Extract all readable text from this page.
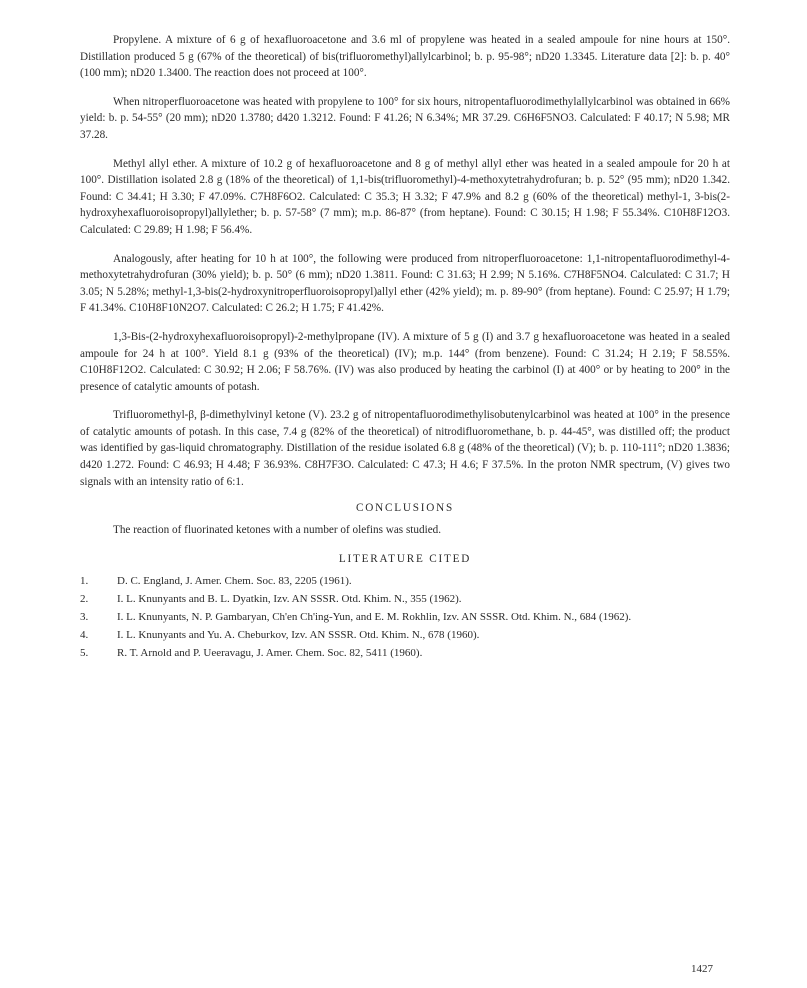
Propylene. A mixture of 6 g of hexafluoroacetone and 3.6 ml of propylene was heated in a sealed ampoule for nine hours at 150°. Distillation produced 5 g (67% of the theoretical) of bis(trifluoromethyl)allylcarbinol; b. p. 95-98°; nD20 1.3345. Literature data [2]: b. p. 40° (100 mm); nD20 1.3400. The reaction does not proceed at 100°.

When nitroperfluoroacetone was heated with propylene to 100° for six hours, nitropentafluorodimethylallylcarbinol was obtained in 66% yield: b. p. 54-55° (20 mm); nD20 1.3780; d420 1.3212. Found: F 41.26; N 6.34%; MR 37.29. C6H6F5NO3. Calculated: F 40.17; N 5.98; MR 37.28.

Methyl allyl ether. A mixture of 10.2 g of hexafluoroacetone and 8 g of methyl allyl ether was heated in a sealed ampoule for 20 h at 100°. Distillation isolated 2.8 g (18% of the theoretical) of 1,1-bis(trifluoromethyl)-4-methoxytetrahydrofuran; b. p. 52° (95 mm); nD20 1.342. Found: C 34.41; H 3.30; F 47.09%. C7H8F6O2. Calculated: C 35.3; H 3.32; F 47.9% and 8.2 g (60% of the theoretical) methyl-1, 3-bis(2-hydroxyhexafluoroisopropyl)allylether; b. p. 57-58° (7 mm); m.p. 86-87° (from heptane). Found: C 30.15; H 1.98; F 55.34%. C10H8F12O3. Calculated: C 29.89; H 1.98; F 56.4%.

Analogously, after heating for 10 h at 100°, the following were produced from nitroperfluoroacetone: 1,1-nitropentafluorodimethyl-4-methoxytetrahydrofuran (30% yield); b. p. 50° (6 mm); nD20 1.3811. Found: C 31.63; H 2.99; N 5.16%. C7H8F5NO4. Calculated: C 31.7; H 3.05; N 5.28%; methyl-1,3-bis(2-hydroxynitroperfluoroisopropyl)allyl ether (42% yield); m. p. 89-90° (from heptane). Found: C 25.97; H 1.79; F 41.34%. C10H8F10N2O7. Calculated: C 26.2; H 1.75; F 41.42%.

1,3-Bis-(2-hydroxyhexafluoroisopropyl)-2-methylpropane (IV). A mixture of 5 g (I) and 3.7 g hexafluoroacetone was heated in a sealed ampoule for 24 h at 100°. Yield 8.1 g (93% of the theoretical) (IV); m.p. 144° (from benzene). Found: C 31.24; H 2.19; F 58.55%. C10H8F12O2. Calculated: C 30.92; H 2.06; F 58.76%. (IV) was also produced by heating the carbinol (I) at 400° or by heating to 200° in the presence of catalytic amounts of potash.

Trifluoromethyl-β, β-dimethylvinyl ketone (V). 23.2 g of nitropentafluorodimethylisobutenylcarbinol was heated at 100° in the presence of catalytic amounts of potash. In this case, 7.4 g (82% of the theoretical) of nitrodifluoromethane, b. p. 44-45°, was distilled off; the product was identified by gas-liquid chromatography. Distillation of the residue isolated 6.8 g (48% of the theoretical) (V); b. p. 110-111°; nD20 1.3836; d420 1.272. Found: C 46.93; H 4.48; F 36.93%. C8H7F3O. Calculated: C 47.3; H 4.6; F 37.5%. In the proton NMR spectrum, (V) gives two signals with an intensity ratio of 6:1.

CONCLUSIONS

The reaction of fluorinated ketones with a number of olefins was studied.

LITERATURE CITED
1.	D. C. England, J. Amer. Chem. Soc. 83, 2205 (1961).
2.	I. L. Knunyants and B. L. Dyatkin, Izv. AN SSSR. Otd. Khim. N., 355 (1962).
3.	I. L. Knunyants, N. P. Gambaryan, Ch'en Ch'ing-Yun, and E. M. Rokhlin, Izv. AN SSSR. Otd. Khim. N., 684 (1962).
4.	I. L. Knunyants and Yu. A. Cheburkov, Izv. AN SSSR. Otd. Khim. N., 678 (1960).
5.	R. T. Arnold and P. Ueeravagu, J. Amer. Chem. Soc. 82, 5411 (1960).
1427
